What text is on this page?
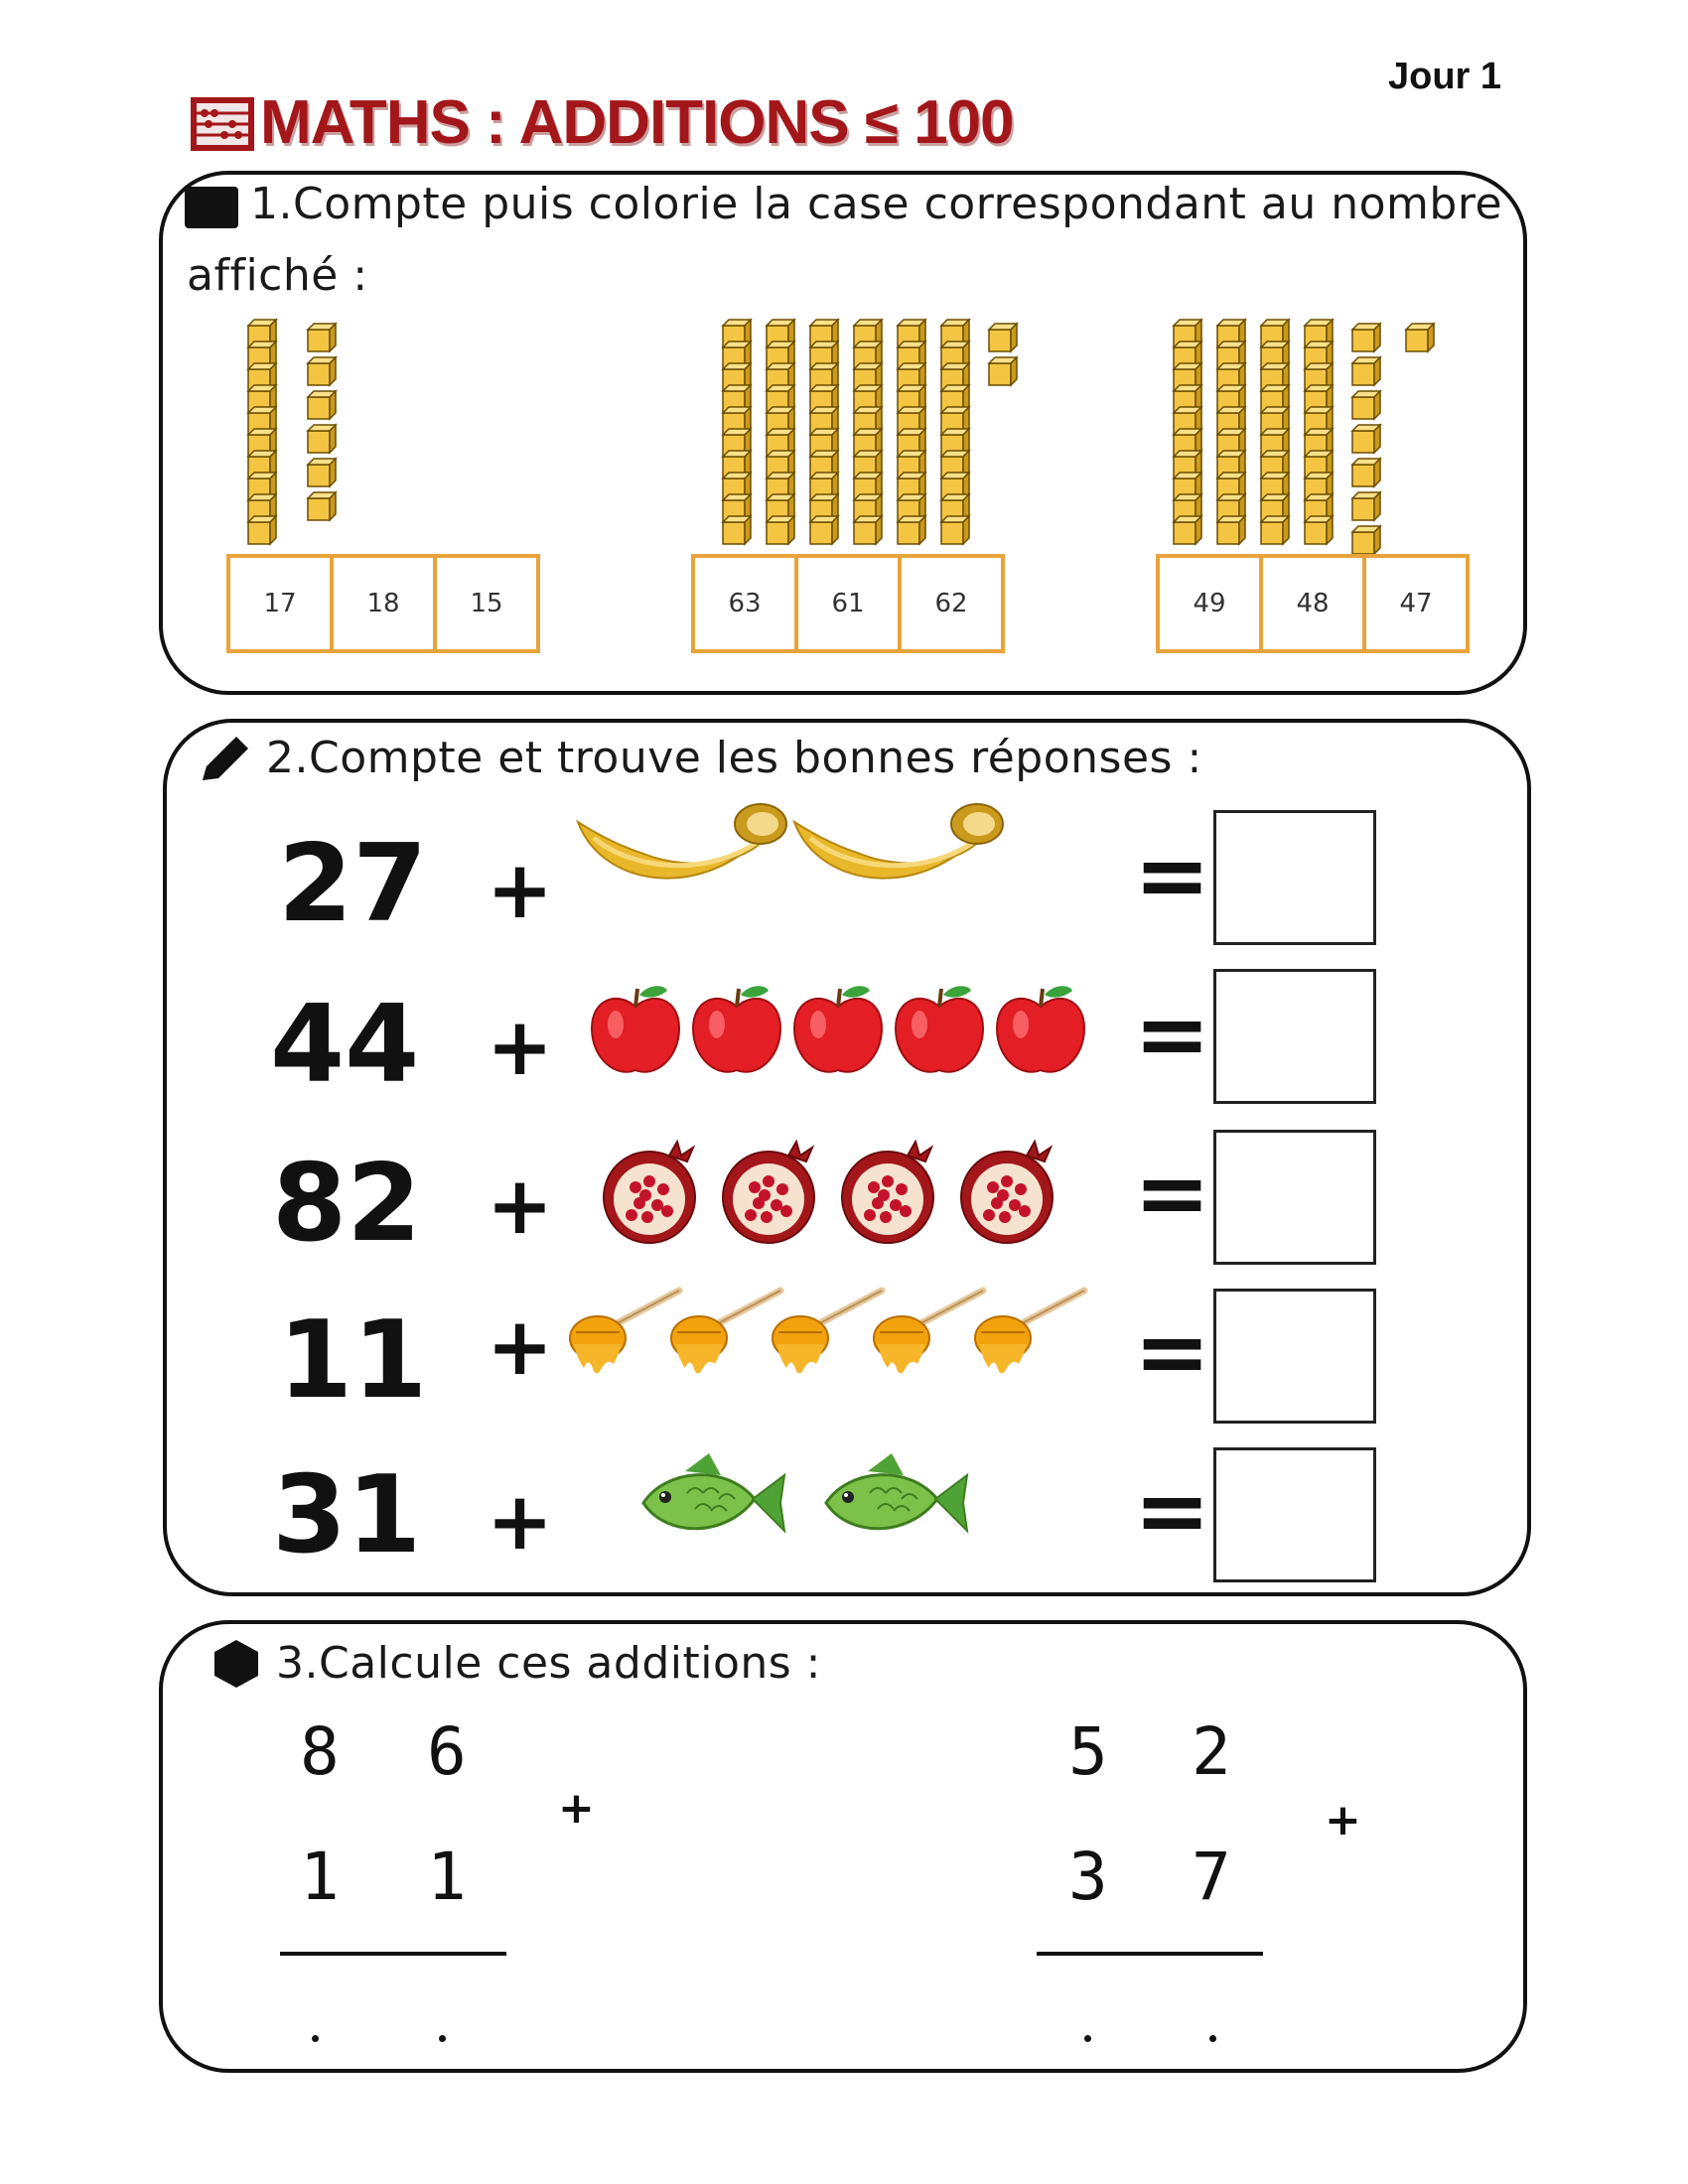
Jour 1
MATHS : ADDITIONS ≤ 100
1.Compte puis colorie la case correspondant au nombre
affiché :
17	18	15	63	61	62	49	48	47
2.Compte et trouve les bonnes réponses :
27 +	=
44 +	=
82 +	=
11 +	=
31 +	=
3.Calcule ces additions :
8 6
1 1
+
5 2
3 7
+
